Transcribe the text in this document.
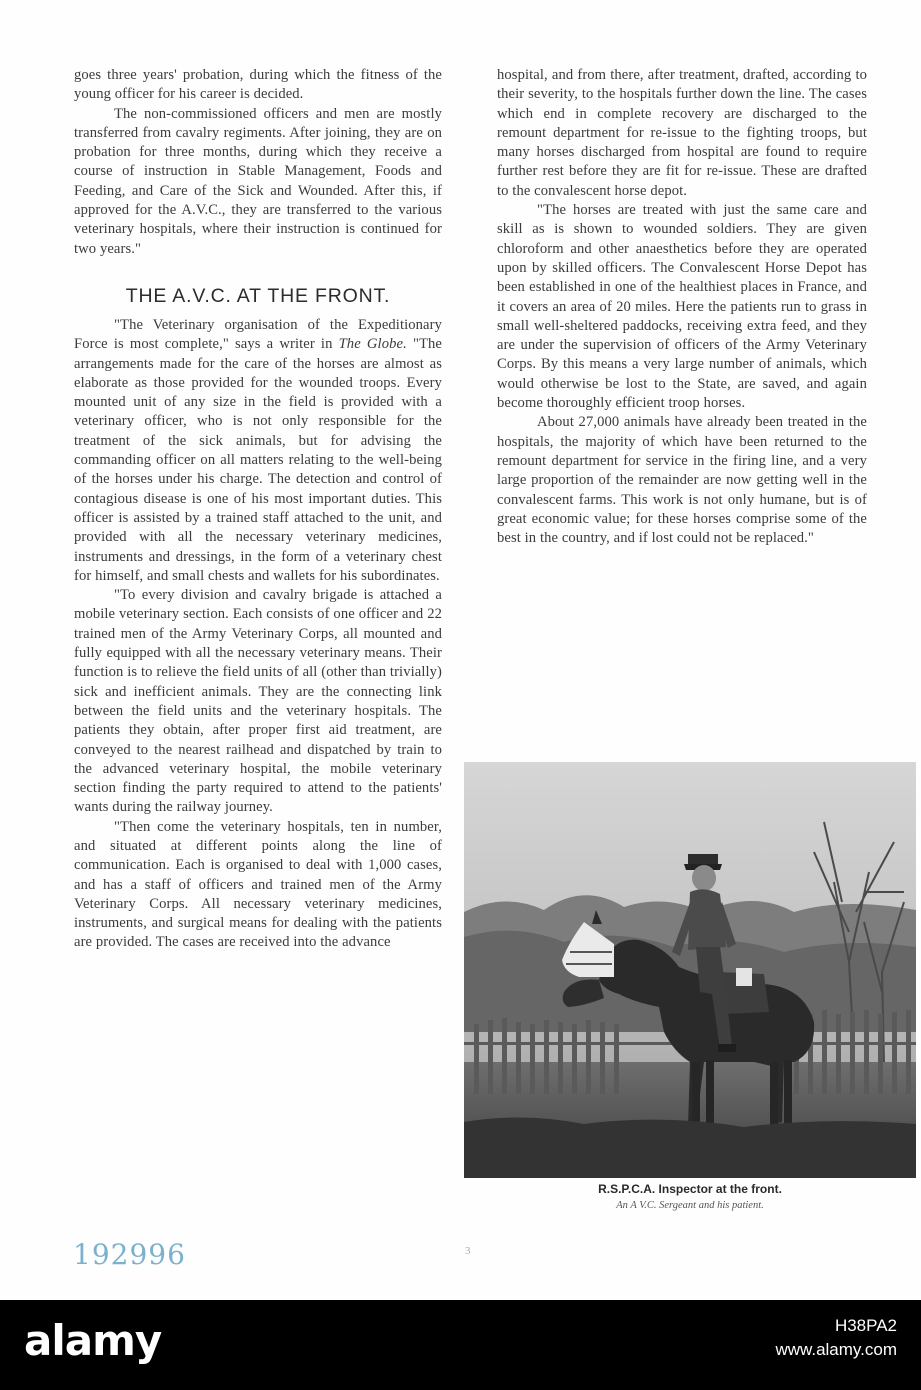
goes three years' probation, during which the fitness of the young officer for his career is decided.

The non-commissioned officers and men are mostly transferred from cavalry regiments. After joining, they are on probation for three months, during which they receive a course of instruction in Stable Management, Foods and Feeding, and Care of the Sick and Wounded. After this, if approved for the A.V.C., they are transferred to the various veterinary hospitals, where their instruction is continued for two years."

THE A.V.C. AT THE FRONT.

"The Veterinary organisation of the Expeditionary Force is most complete," says a writer in The Globe. "The arrangements made for the care of the horses are almost as elaborate as those provided for the wounded troops. Every mounted unit of any size in the field is provided with a veterinary officer, who is not only responsible for the treatment of the sick animals, but for advising the commanding officer on all matters relating to the well-being of the horses under his charge. The detection and control of contagious disease is one of his most important duties. This officer is assisted by a trained staff attached to the unit, and provided with all the necessary veterinary medicines, instruments and dressings, in the form of a veterinary chest for himself, and small chests and wallets for his subordinates.

"To every division and cavalry brigade is attached a mobile veterinary section. Each consists of one officer and 22 trained men of the Army Veterinary Corps, all mounted and fully equipped with all the necessary veterinary means. Their function is to relieve the field units of all (other than trivially) sick and inefficient animals. They are the connecting link between the field units and the veterinary hospitals. The patients they obtain, after proper first aid treatment, are conveyed to the nearest railhead and dispatched by train to the advanced veterinary hospital, the mobile veterinary section finding the party required to attend to the patients' wants during the railway journey.

"Then come the veterinary hospitals, ten in number, and situated at different points along the line of communication. Each is organised to deal with 1,000 cases, and has a staff of officers and trained men of the Army Veterinary Corps. All necessary veterinary medicines, instruments, and surgical means for dealing with the patients are provided. The cases are received into the advance

hospital, and from there, after treatment, drafted, according to their severity, to the hospitals further down the line. The cases which end in complete recovery are discharged to the remount department for re-issue to the fighting troops, but many horses discharged from hospital are found to require further rest before they are fit for re-issue. These are drafted to the convalescent horse depot.

"The horses are treated with just the same care and skill as is shown to wounded soldiers. They are given chloroform and other anaesthetics before they are operated upon by skilled officers. The Convalescent Horse Depot has been established in one of the healthiest places in France, and it covers an area of 20 miles. Here the patients run to grass in small well-sheltered paddocks, receiving extra feed, and they are under the supervision of officers of the Army Veterinary Corps. By this means a very large number of animals, which would otherwise be lost to the State, are saved, and again become thoroughly efficient troop horses.

About 27,000 animals have already been treated in the hospitals, the majority of which have been returned to the remount department for service in the firing line, and a very large proportion of the remainder are now getting well in the convalescent farms. This work is not only humane, but is of great economic value; for these horses comprise some of the best in the country, and if lost could not be replaced."

R.S.P.C.A. Inspector at the front.
An A V.C. Sergeant and his patient.
192996	3
alamy	H38PA2
www.alamy.com
